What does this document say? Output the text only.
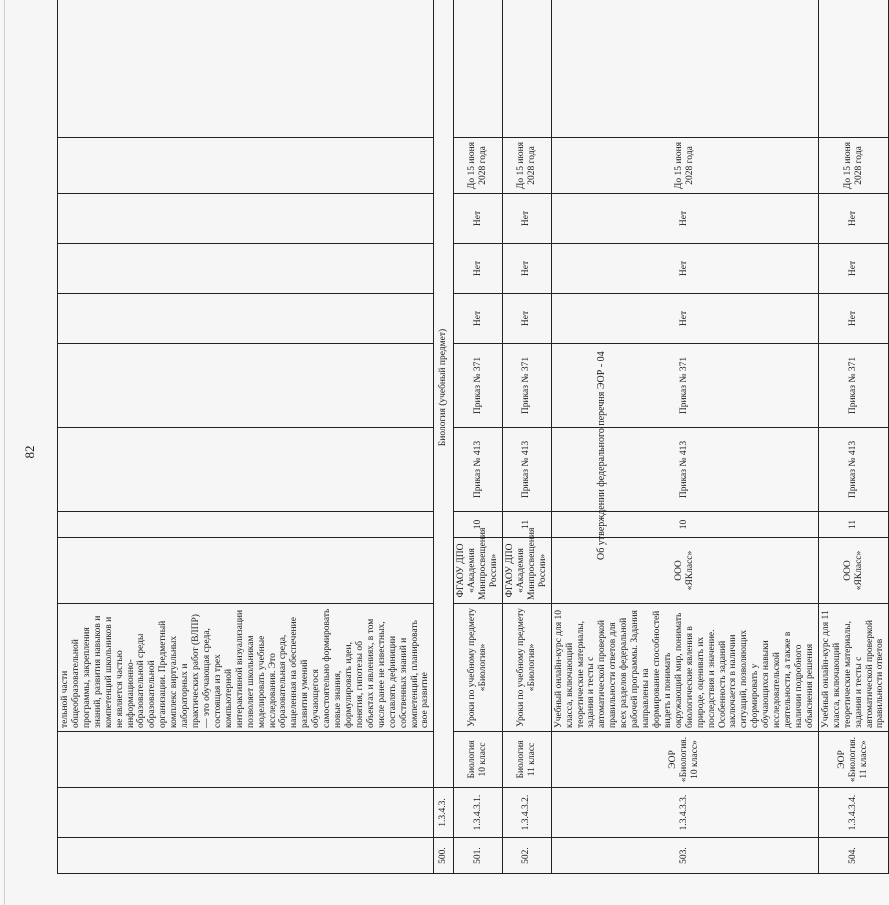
82
			тельной части общеобразовательной программы, закрепления знаний, развития навыков и компетенций школьников и не является частью информационно-образовательной среды образовательной организации. Предметный комплекс виртуальных лабораторных и практических работ (ВЛПР) — это обучающая среда, состоящая из трех компьютерной интерактивной визуализации позволяет школьникам моделировать учебные исследования. Это образовательная среда, нацеленная на обеспечение развития умений обучающегося самостоятельно формировать новые знания, формулировать идеи, понятия, гипотезы об объектах и явлениях, в том числе ранее не известных, составлять дефиниции собственных знаний и компетенций, планировать свое развитие									
500.	1.3.4.3.	Биология (учебный предмет)										
501.	1.3.4.3.1.	Биология 10 класс	Уроки по учебному предмету «Биология»	ФГАОУ ДПО «Академия Минпросвещения России»	10	Приказ № 413	Приказ № 371	Нет	Нет	Нет	До 15 июня 2028 года	
502.	1.3.4.3.2.	Биология 11 класс	Уроки по учебному предмету «Биология»	ФГАОУ ДПО «Академия Минпросвещения России»	11	Приказ № 413	Приказ № 371	Нет	Нет	Нет	До 15 июня 2028 года	
503.	1.3.4.3.3.	ЭОР «Биология. 10 класс»	Учебный онлайн-курс для 10 класса, включающий теоретические материалы, задания и тесты с автоматической проверкой правильности ответов для всех разделов федеральной рабочей программы. Задания направлены на формирование способностей видеть и понимать окружающий мир, понимать биологические явления в природе, оценивать их последствия и значение. Особенность заданий заключается в наличии ситуаций, позволяющих сформировать у обучающихся навыки исследовательской деятельности, а также в наличии подробного объяснения решения	ООО «ЯКласс»	10	Приказ № 413	Приказ № 371	Нет	Нет	Нет	До 15 июня 2028 года	
504.	1.3.4.3.4.	ЭОР «Биология. 11 класс»	Учебный онлайн-курс для 11 класса, включающий теоретические материалы, задания и тесты с автоматической проверкой правильности ответов	ООО «ЯКласс»	11	Приказ № 413	Приказ № 371	Нет	Нет	Нет	До 15 июня 2028 года	
Об утверждении федерального перечня ЭОР - 04
